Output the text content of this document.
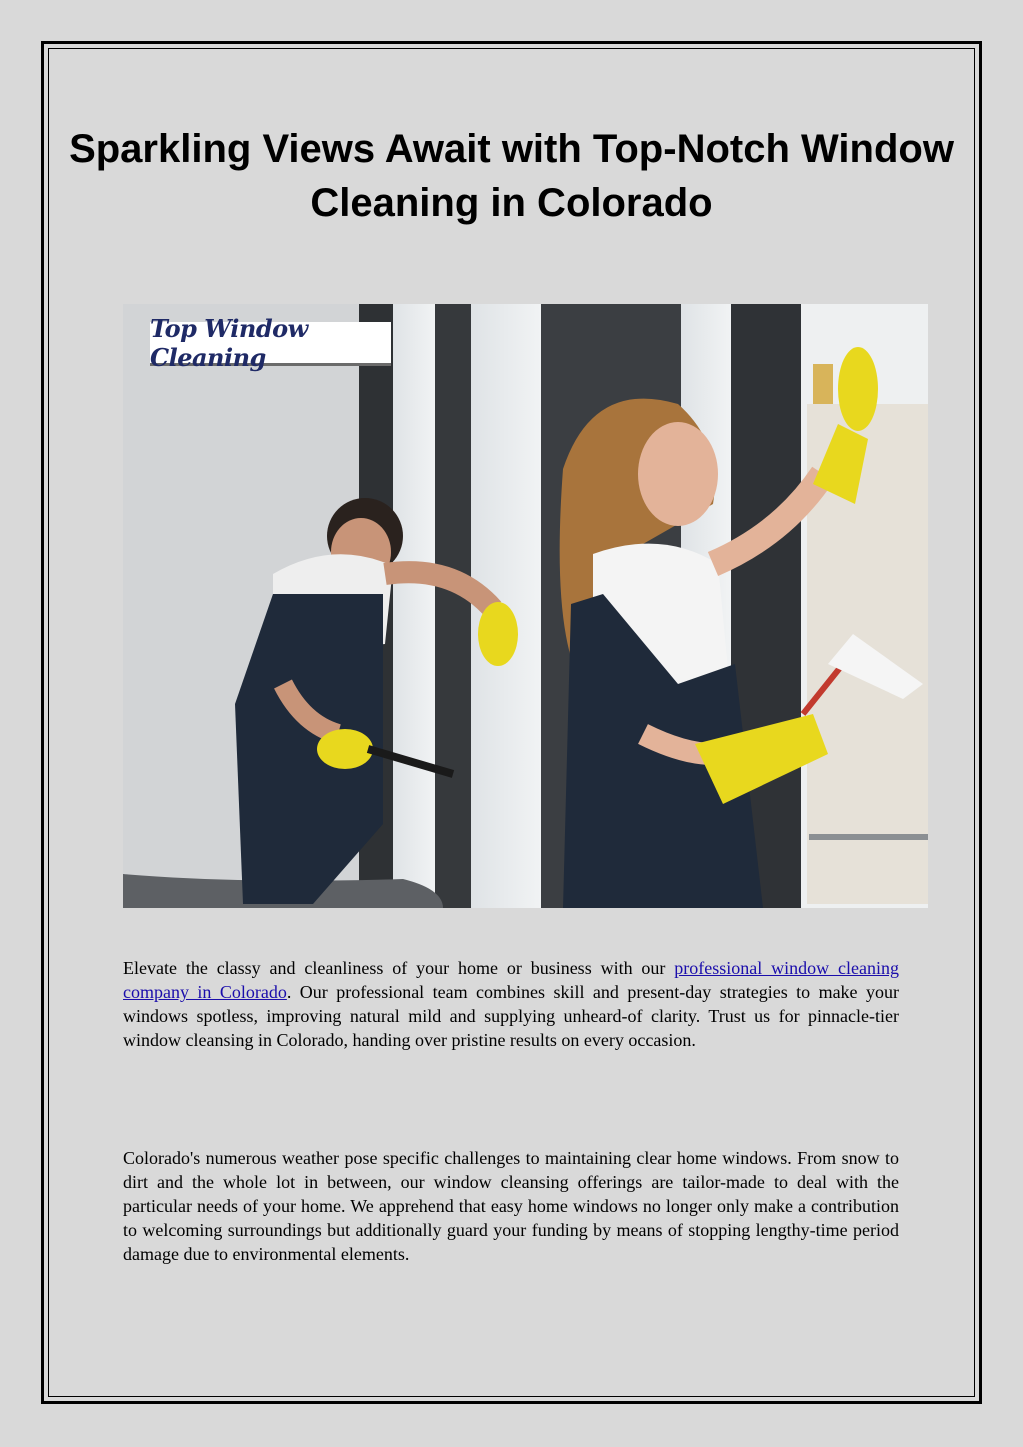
Sparkling Views Await with Top-Notch Window Cleaning in Colorado
Top Window Cleaning

Elevate the classy and cleanliness of your home or business with our professional window cleaning company in Colorado. Our professional team combines skill and present-day strategies to make your windows spotless, improving natural mild and supplying unheard-of clarity. Trust us for pinnacle-tier window cleansing in Colorado, handing over pristine results on every occasion.

Colorado's numerous weather pose specific challenges to maintaining clear home windows. From snow to dirt and the whole lot in between, our window cleansing offerings are tailor-made to deal with the particular needs of your home. We apprehend that easy home windows no longer only make a contribution to welcoming surroundings but additionally guard your funding by means of stopping lengthy-time period damage due to environmental elements.
